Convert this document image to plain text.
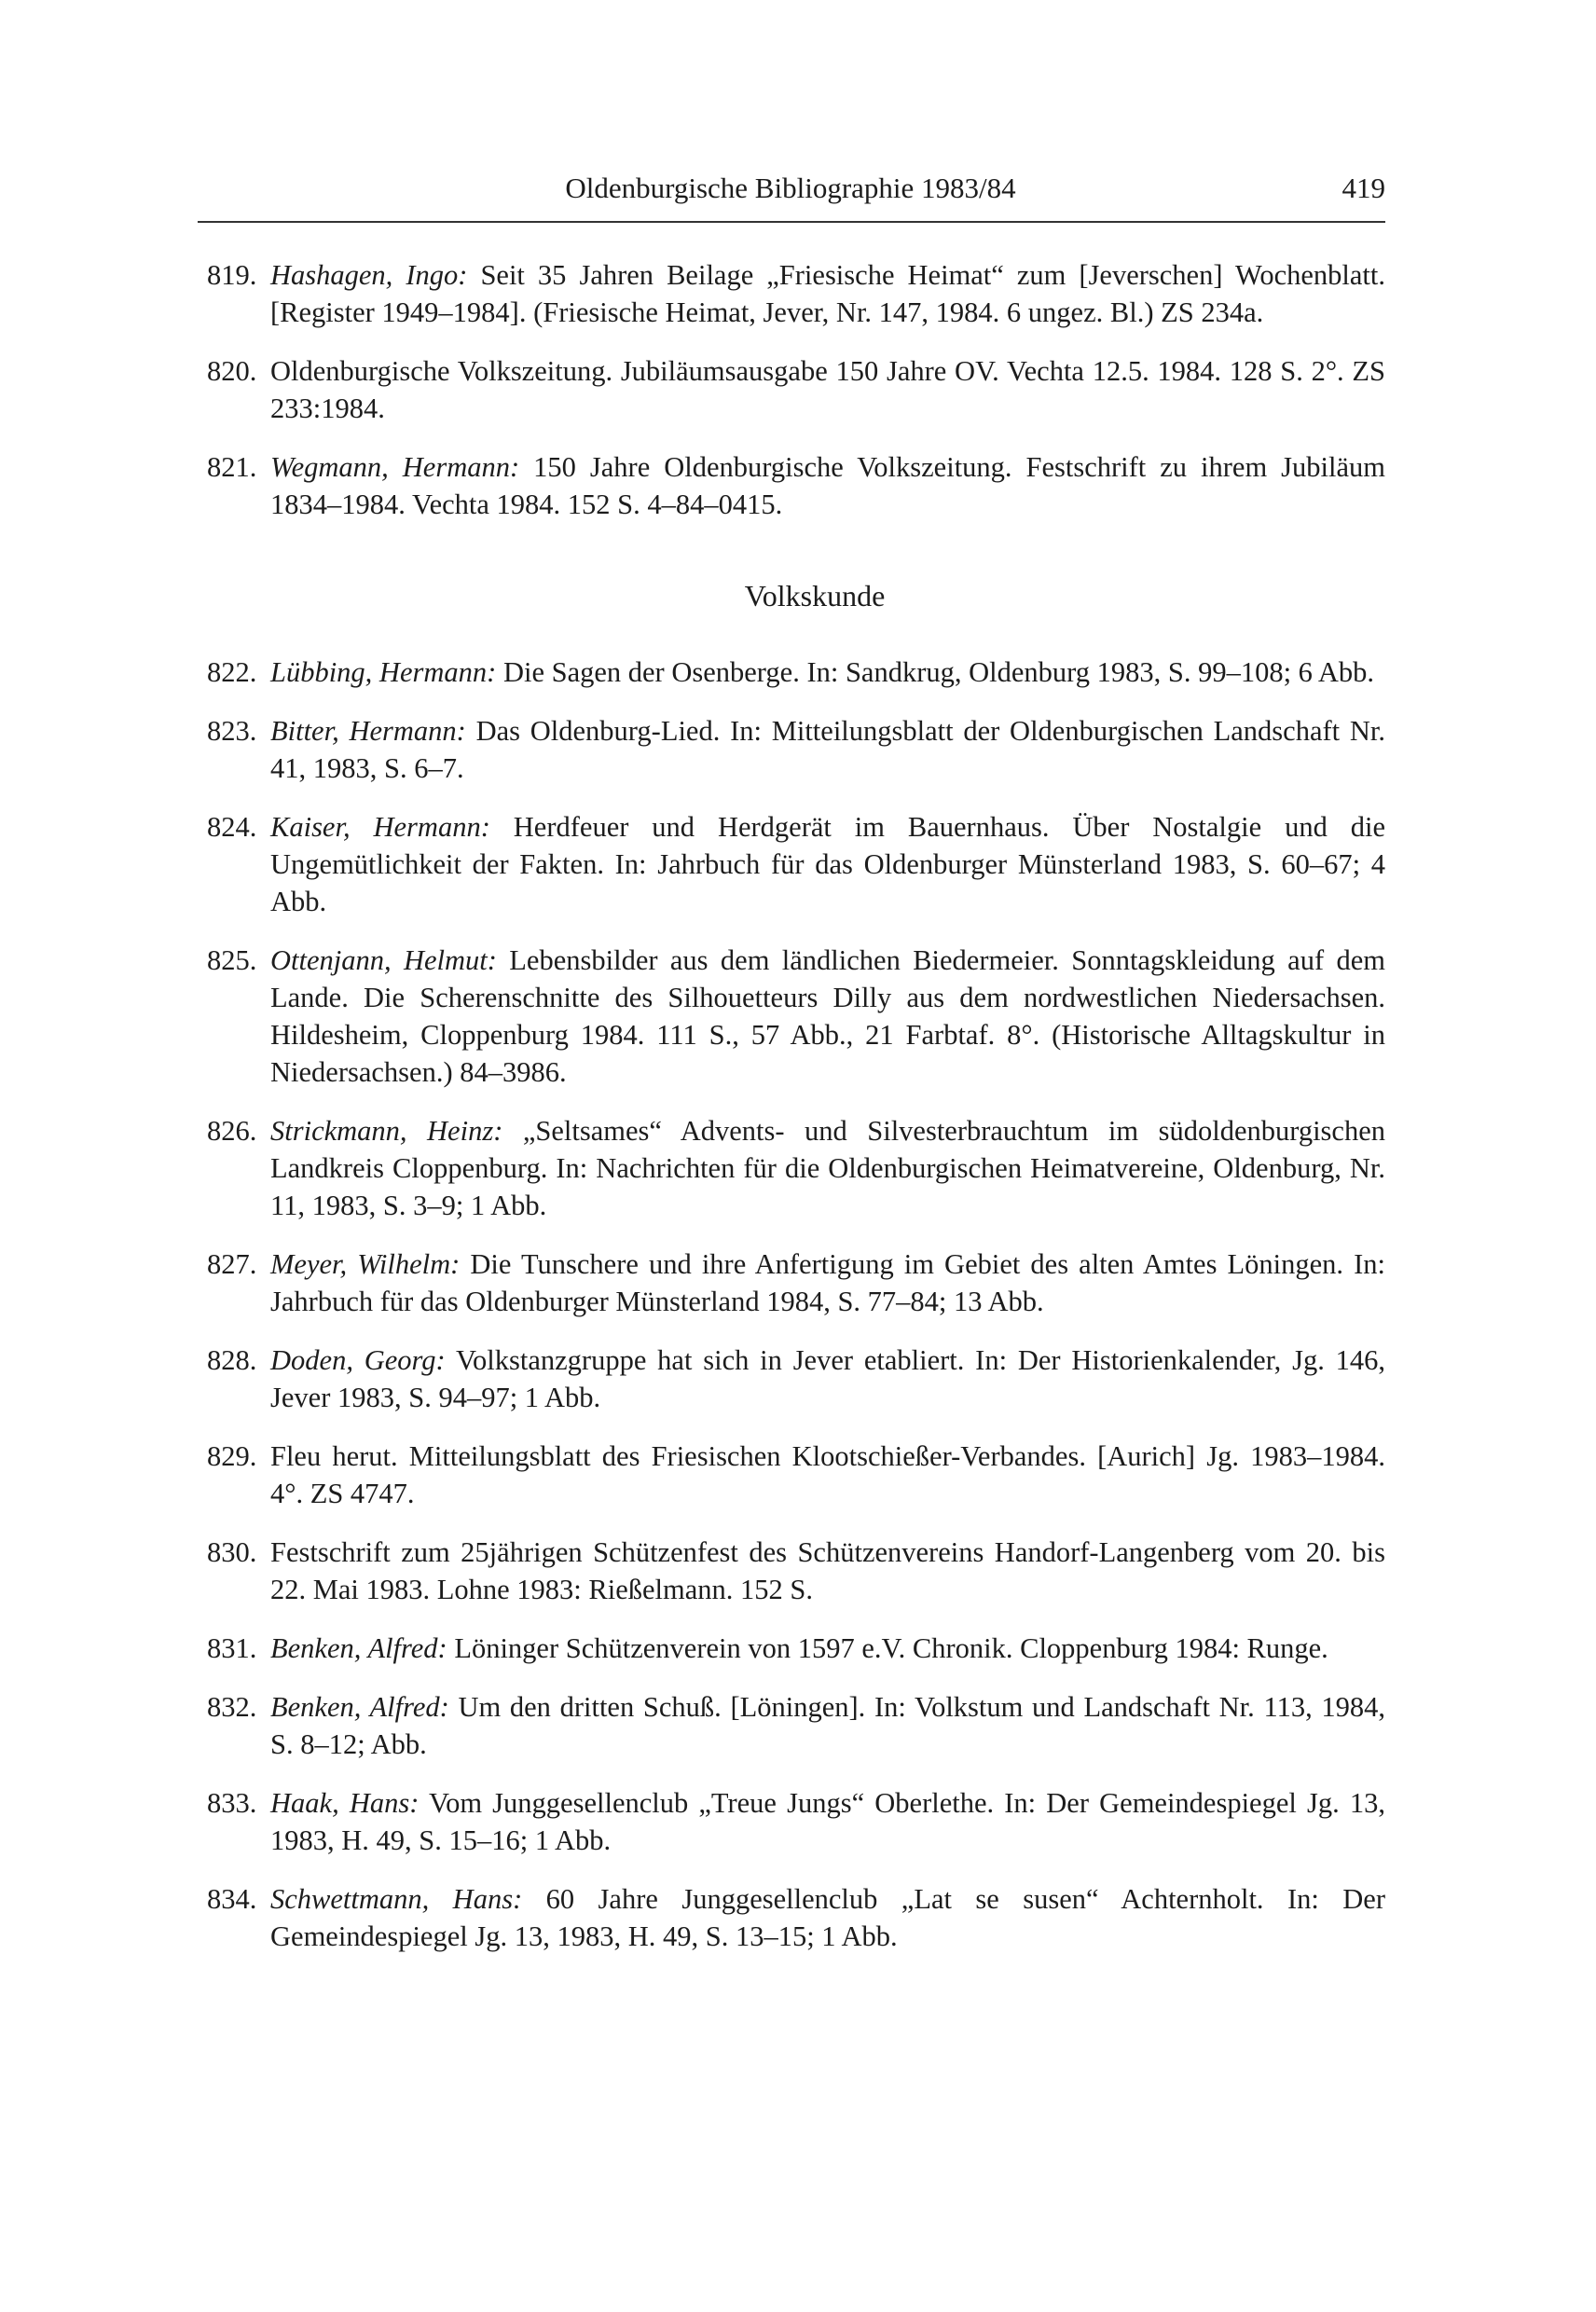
Oldenburgische Bibliographie 1983/84	419
819. Hashagen, Ingo: Seit 35 Jahren Beilage „Friesische Heimat“ zum [Jeverschen] Wochenblatt. [Register 1949–1984]. (Friesische Heimat, Jever, Nr. 147, 1984. 6 ungez. Bl.) ZS 234a.
820. Oldenburgische Volkszeitung. Jubiläumsausgabe 150 Jahre OV. Vechta 12.5. 1984. 128 S. 2°. ZS 233:1984.
821. Wegmann, Hermann: 150 Jahre Oldenburgische Volkszeitung. Festschrift zu ihrem Jubiläum 1834–1984. Vechta 1984. 152 S. 4–84–0415.
Volkskunde
822. Lübbing, Hermann: Die Sagen der Osenberge. In: Sandkrug, Oldenburg 1983, S. 99–108; 6 Abb.
823. Bitter, Hermann: Das Oldenburg-Lied. In: Mitteilungsblatt der Oldenburgischen Landschaft Nr. 41, 1983, S. 6–7.
824. Kaiser, Hermann: Herdfeuer und Herdgerät im Bauernhaus. Über Nostalgie und die Ungemütlichkeit der Fakten. In: Jahrbuch für das Oldenburger Münsterland 1983, S. 60–67; 4 Abb.
825. Ottenjann, Helmut: Lebensbilder aus dem ländlichen Biedermeier. Sonntagskleidung auf dem Lande. Die Scherenschnitte des Silhouetteurs Dilly aus dem nordwestlichen Niedersachsen. Hildesheim, Cloppenburg 1984. 111 S., 57 Abb., 21 Farbtaf. 8°. (Historische Alltagskultur in Niedersachsen.) 84–3986.
826. Strickmann, Heinz: „Seltsames“ Advents- und Silvesterbrauchtum im südoldenburgischen Landkreis Cloppenburg. In: Nachrichten für die Oldenburgischen Heimatvereine, Oldenburg, Nr. 11, 1983, S. 3–9; 1 Abb.
827. Meyer, Wilhelm: Die Tunschere und ihre Anfertigung im Gebiet des alten Amtes Löningen. In: Jahrbuch für das Oldenburger Münsterland 1984, S. 77–84; 13 Abb.
828. Doden, Georg: Volkstanzgruppe hat sich in Jever etabliert. In: Der Historienkalender, Jg. 146, Jever 1983, S. 94–97; 1 Abb.
829. Fleu herut. Mitteilungsblatt des Friesischen Klootschießer-Verbandes. [Aurich] Jg. 1983–1984. 4°. ZS 4747.
830. Festschrift zum 25jährigen Schützenfest des Schützenvereins Handorf-Langenberg vom 20. bis 22. Mai 1983. Lohne 1983: Rießelmann. 152 S.
831. Benken, Alfred: Löninger Schützenverein von 1597 e.V. Chronik. Cloppenburg 1984: Runge.
832. Benken, Alfred: Um den dritten Schuß. [Löningen]. In: Volkstum und Landschaft Nr. 113, 1984, S. 8–12; Abb.
833. Haak, Hans: Vom Junggesellenclub „Treue Jungs“ Oberlethe. In: Der Gemeindespiegel Jg. 13, 1983, H. 49, S. 15–16; 1 Abb.
834. Schwettmann, Hans: 60 Jahre Junggesellenclub „Lat se susen“ Achternholt. In: Der Gemeindespiegel Jg. 13, 1983, H. 49, S. 13–15; 1 Abb.
